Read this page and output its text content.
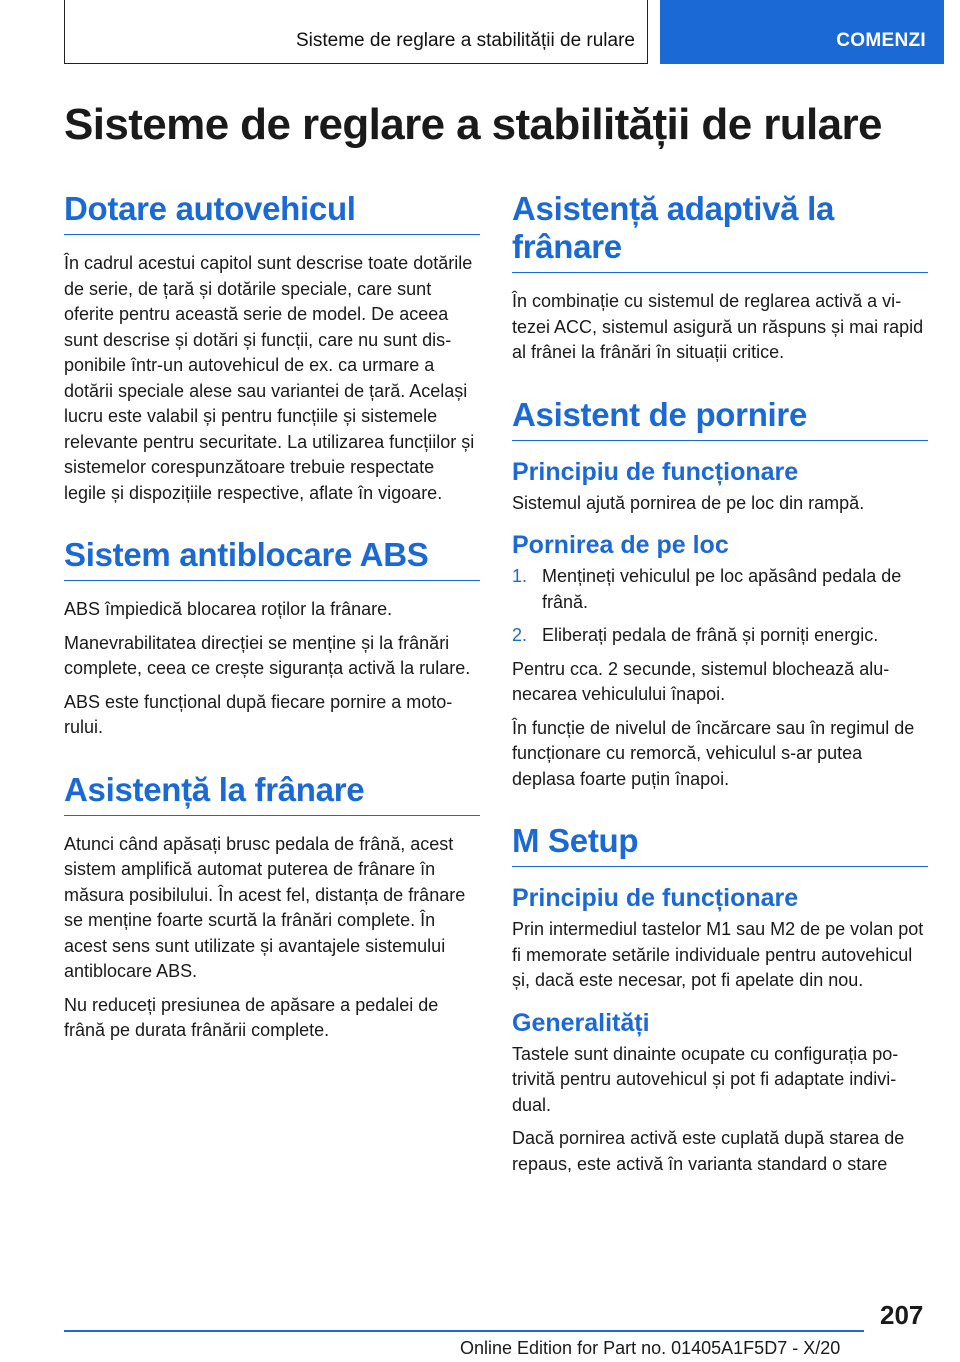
Sisteme de reglare a stabilității de rulare	COMENZI
Sisteme de reglare a stabilității de rulare
Dotare autovehicul

În cadrul acestui capitol sunt descrise toate dotările de serie, de țară și dotările speciale, care sunt oferite pentru această serie de model. De aceea sunt descrise și dotări și funcții, care nu sunt disponibile într-un autovehicul de ex. ca urmare a dotării speciale alese sau variantei de țară. Același lucru este valabil și pentru funcțiile și sistemele relevante pentru securitate. La utilizarea funcțiilor și sistemelor corespunzătoare trebuie respectate legile și dispozițiile respective, aflate în vigoare.

Sistem antiblocare ABS

ABS împiedică blocarea roților la frânare.

Manevrabilitatea direcției se menține și la frânări complete, ceea ce crește siguranța activă la rulare.

ABS este funcțional după fiecare pornire a motorului.

Asistență la frânare

Atunci când apăsați brusc pedala de frână, acest sistem amplifică automat puterea de frânare în măsura posibilului. În acest fel, distanța de frânare se menține foarte scurtă la frânări complete. În acest sens sunt utilizate și avantajele sistemului antiblocare ABS.

Nu reduceți presiunea de apăsare a pedalei de frână pe durata frânării complete.

Asistență adaptivă la frânare

În combinație cu sistemul de reglarea activă a vitezei ACC, sistemul asigură un răspuns și mai rapid al frânei la frânări în situații critice.

Asistent de pornire
Principiu de funcționare

Sistemul ajută pornirea de pe loc din rampă.

Pornirea de pe loc
1. Mențineți vehiculul pe loc apăsând pedala de frână.
2. Eliberați pedala de frână și porniți energic.

Pentru cca. 2 secunde, sistemul blochează alunecarea vehiculului înapoi.

În funcție de nivelul de încărcare sau în regimul de funcționare cu remorcă, vehiculul s-ar putea deplasa foarte puțin înapoi.

M Setup
Principiu de funcționare

Prin intermediul tastelor M1 sau M2 de pe volan pot fi memorate setările individuale pentru autovehicul și, dacă este necesar, pot fi apelate din nou.

Generalități

Tastele sunt dinainte ocupate cu configurația potrivită pentru autovehicul și pot fi adaptate individual.

Dacă pornirea activă este cuplată după starea de repaus, este activă în varianta standard o stare

207
Online Edition for Part no. 01405A1F5D7 - X/20
